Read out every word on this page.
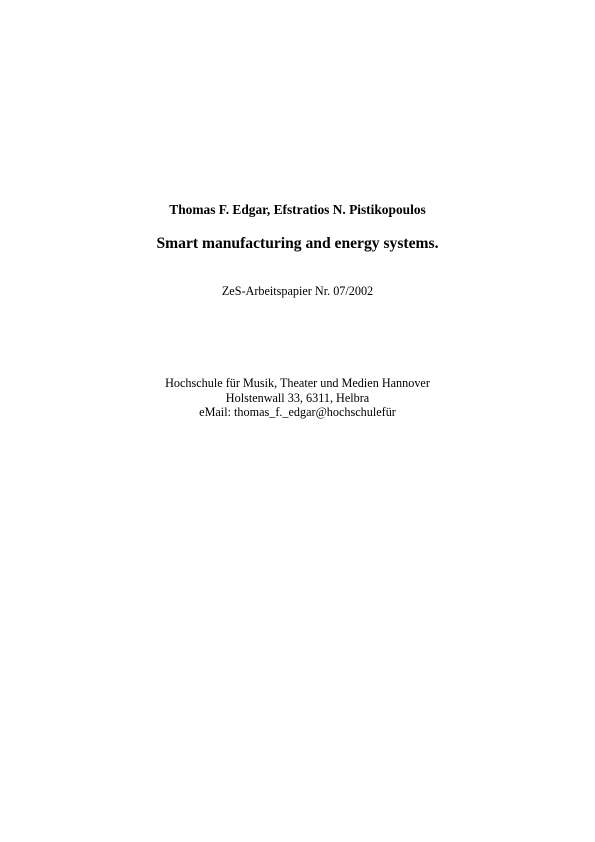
Thomas F. Edgar, Efstratios N. Pistikopoulos
Smart manufacturing and energy systems.
ZeS-Arbeitspapier Nr. 07/2002
Hochschule für Musik, Theater und Medien Hannover
Holstenwall 33, 6311, Helbra
eMail: thomas_f._edgar@hochschulefür
